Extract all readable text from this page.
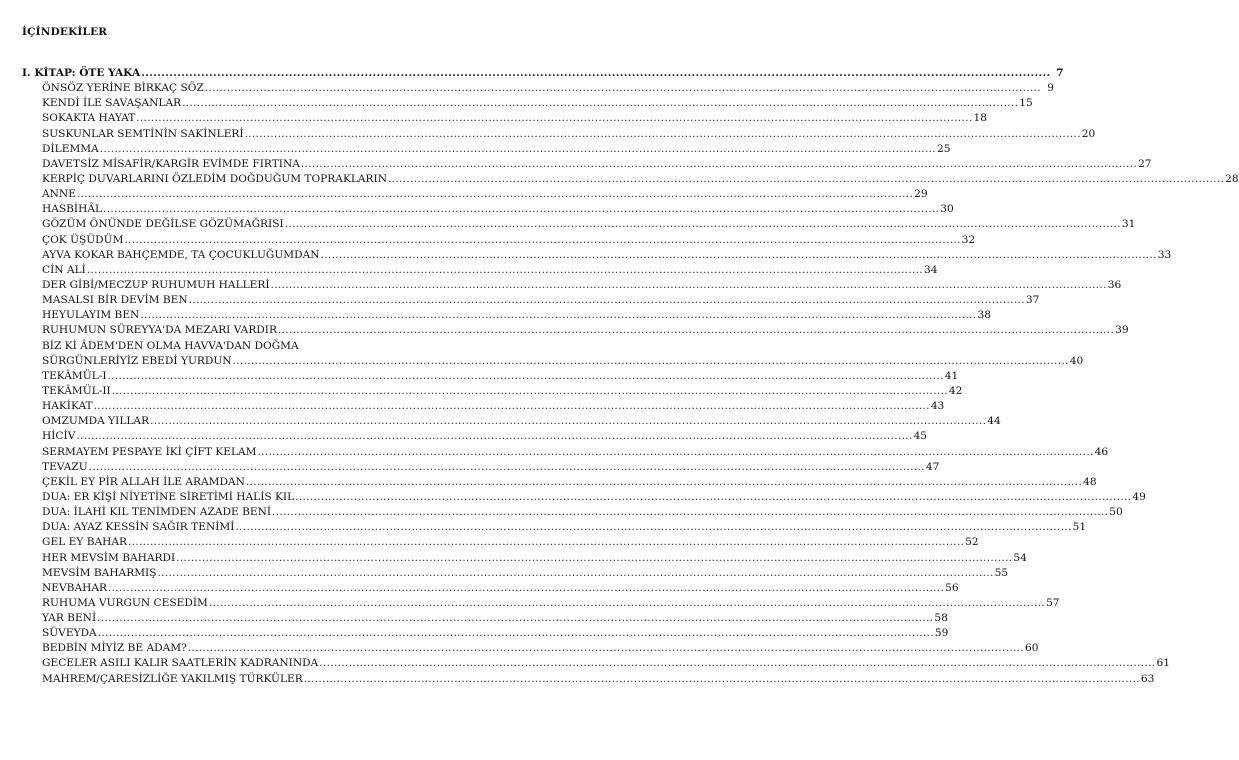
İÇİNDEKİLER
I. KİTAP: ÖTE YAKA .....	7
ÖNSÖZ YERİNE BİRKAÇ SÖZ .....	9
KENDİ İLE SAVAŞANLAR .....	15
SOKAKTA HAYAT .....	18
SUSKUNLAR SEMTİNİN SAKİNLERİ .....	20
DİLEMMA .....	25
DAVETSİZ MİSAFİR/KARGİR EVİMDE FIRTINA .....	27
KERPİÇ DUVARLARINI ÖZLEDİM DOĞDUĞUM TOPRAKLARIN .....	28
ANNE .....	29
HASBİHÂL .....	30
GÖZÜM ÖNÜNDE DEĞİLSE GÖZÜMAĞRISI .....	31
ÇOK ÜŞÜDÜM .....	32
AYVA KOKAR BAHÇEMDE, TA ÇOCUKLUĞUMDAN .....	33
CİN ALİ .....	34
DER GİBİ/MECZUP RUHUMUH HALLERİ .....	36
MASALSI BİR DEVİM BEN .....	37
HEYULAYIM BEN .....	38
RUHUMUN SÜREYYA'DA MEZARI VARDIR .....	39
BİZ Kİ ÂDEM'DEN OLMA HAVVA'DAN DOĞMA
SÜRGÜNLERİYİZ EBEDİ YURDUN .....	40
TEKÂMÜL-I .....	41
TEKÂMÜL-II .....	42
HAKİKAT .....	43
OMZUMDA YILLAR .....	44
HİCİV .....	45
SERMAYEM PESPAYE İKİ ÇİFT KELAM .....	46
TEVAZU .....	47
ÇEKİL EY PİR ALLAH İLE ARAMDAN .....	48
DUA: ER KİŞİ NİYETİNE SİRETİMİ HALİS KIL .....	49
DUA: İLAHİ KIL TENİMDEN AZADE BENİ .....	50
DUA: AYAZ KESSİN SAĞIR TENİMİ .....	51
GEL EY BAHAR .....	52
HER MEVSİM BAHARDI .....	54
MEVSİM BAHARMIŞ .....	55
NEVBAHAR .....	56
RUHUMA VURGUN CESEDİM .....	57
YAR BENİ .....	58
SÜVEYDA .....	59
BEDBİN MİYİZ BE ADAM? .....	60
GECELER ASILI KALIR SAATLERİN KADRANINDA .....	61
MAHREM/ÇARESİZLİĞE YAKILMIŞ TÜRKÜLER .....	63
